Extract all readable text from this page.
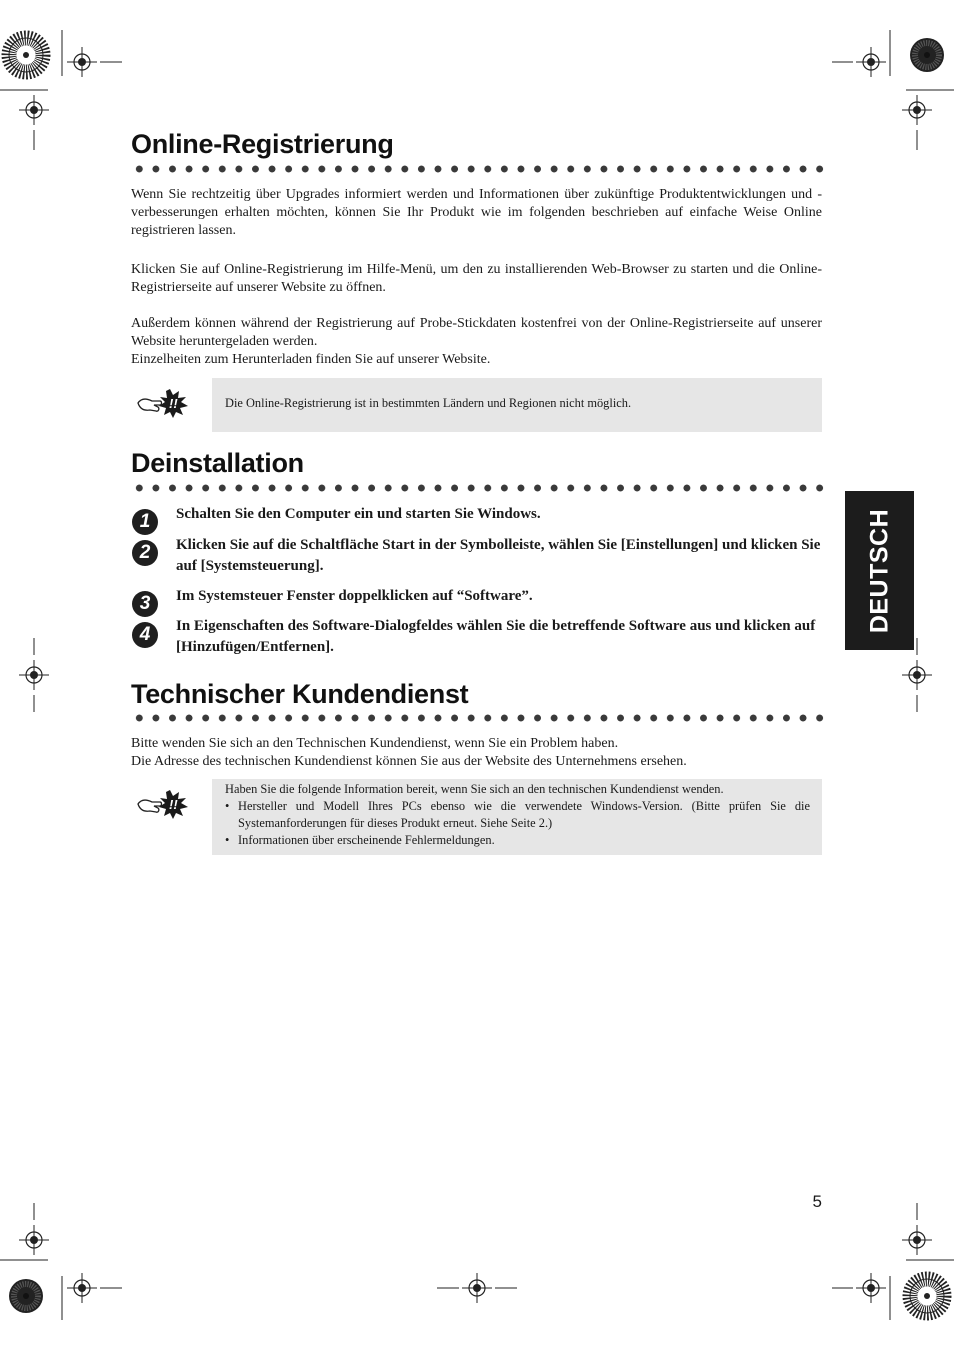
Online-Registrierung

Wenn Sie rechtzeitig über Upgrades informiert werden und Informationen über zukünftige Produktentwicklungen und -verbesserungen erhalten möchten, können Sie Ihr Produkt wie im folgenden beschrieben auf einfache Weise Online registrieren lassen.

Klicken Sie auf Online-Registrierung im Hilfe-Menü, um den zu installierenden Web-Browser zu starten und die Online-Registrierseite auf unserer Website zu öffnen.

Außerdem können während der Registrierung auf Probe-Stickdaten kostenfrei von der Online-Registrierseite auf unserer Website heruntergeladen werden.
Einzelheiten zum Herunterladen finden Sie auf unserer Website.

!!	Die Online-Registrierung ist in bestimmten Ländern und Regionen nicht möglich.
Deinstallation
1	Schalten Sie den Computer ein und starten Sie Windows.
2	Klicken Sie auf die Schaltfläche Start in der Symbolleiste, wählen Sie [Einstellungen] und klicken Sie auf [Systemsteuerung].
3	Im Systemsteuer Fenster doppelklicken auf “Software”.
4	In Eigenschaften des Software-Dialogfeldes wählen Sie die betreffende Software aus und klicken auf [Hinzufügen/Entfernen].
Technischer Kundendienst

Bitte wenden Sie sich an den Technischen Kundendienst, wenn Sie ein Problem haben.
Die Adresse des technischen Kundendienst können Sie aus der Website des Unternehmens ersehen.

!!
Haben Sie die folgende Information bereit, wenn Sie sich an den technischen Kundendienst wenden.
• Hersteller und Modell Ihres PCs ebenso wie die verwendete Windows-Version. (Bitte prüfen Sie die Systemanforderungen für dieses Produkt erneut. Siehe Seite 2.)
• Informationen über erscheinende Fehlermeldungen.
DEUTSCH
5
